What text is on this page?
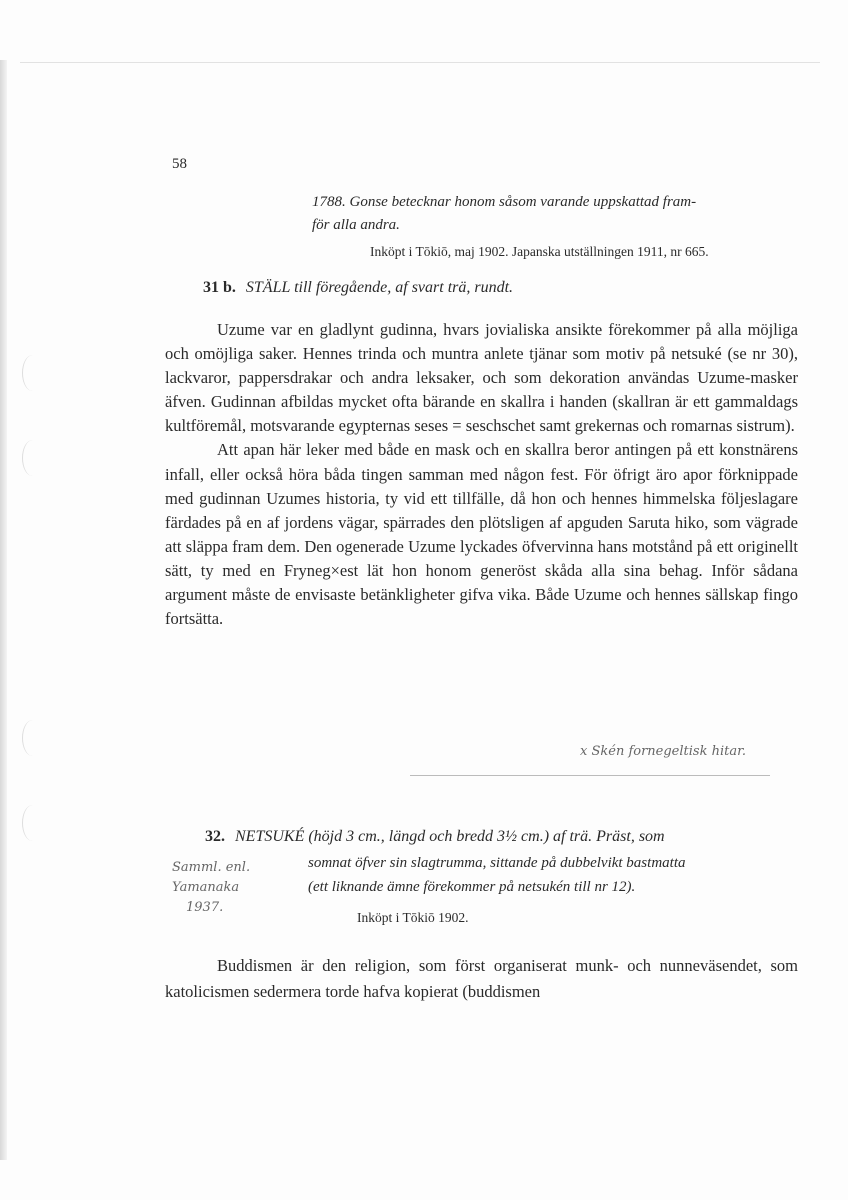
58
1788. Gonse betecknar honom såsom varande uppskattad fram-
för alla andra.
Inköpt i Tōkiō, maj 1902. Japanska utställningen 1911, nr 665.
31 b. STÄLL till föregående, af svart trä, rundt.

Uzume var en gladlynt gudinna, hvars jovialiska ansikte förekommer på alla möjliga och omöjliga saker. Hennes trinda och muntra anlete tjänar som motiv på netsuké (se nr 30), lackvaror, pappersdrakar och andra leksaker, och som dekoration användas Uzume-masker äfven. Gudinnan afbildas mycket ofta bärande en skallra i handen (skallran är ett gammaldags kultföremål, motsvarande egypternas seses = seschschet samt grekernas och romarnas sistrum).

Att apan här leker med både en mask och en skallra beror antingen på ett konstnärens infall, eller också höra båda tingen samman med någon fest. För öfrigt äro apor förknippade med gudinnan Uzumes historia, ty vid ett tillfälle, då hon och hennes himmelska följeslagare färdades på en af jordens vägar, spärrades den plötsligen af apguden Saruta hiko, som vägrade att släppa fram dem. Den ogenerade Uzume lyckades öfvervinna hans motstånd på ett originellt sätt, ty med en Fryneg×est lät hon honom generöst skåda alla sina behag. Inför sådana argument måste de envisaste betänkligheter gifva vika. Både Uzume och hennes sällskap fingo fortsätta.

x Skén fornegeltisk hitar.
32. NETSUKÉ (höjd 3 cm., längd och bredd 3½ cm.) af trä. Präst, som
somnat öfver sin slagtrumma, sittande på dubbelvikt bastmatta
(ett liknande ämne förekommer på netsukén till nr 12).
Inköpt i Tōkiō 1902.
Samml. enl.
Yamanaka
1937.

Buddismen är den religion, som först organiserat munk- och nunneväsendet, som katolicismen sedermera torde hafva kopierat (buddismen
